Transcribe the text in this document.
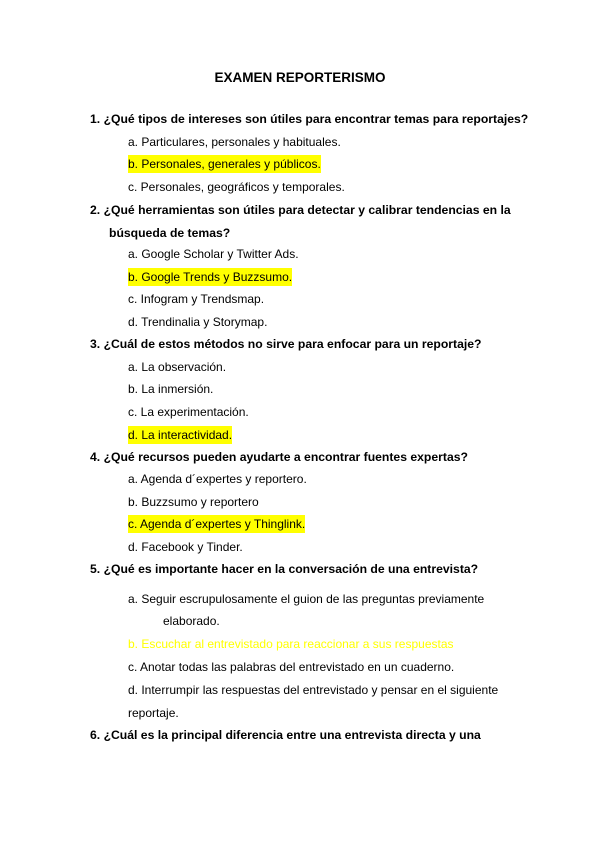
EXAMEN REPORTERISMO
1. ¿Qué tipos de intereses son útiles para encontrar temas para reportajes?
a. Particulares, personales y habituales.
b. Personales, generales y públicos.
c. Personales, geográficos y temporales.
2. ¿Qué herramientas son útiles para detectar y calibrar tendencias en la
búsqueda de temas?
a. Google Scholar y Twitter Ads.
b. Google Trends y Buzzsumo.
c. Infogram y Trendsmap.
d. Trendinalia y Storymap.
3. ¿Cuál de estos métodos no sirve para enfocar para un reportaje?
a. La observación.
b. La inmersión.
c. La experimentación.
d. La interactividad.
4. ¿Qué recursos pueden ayudarte a encontrar fuentes expertas?
a. Agenda d´expertes y reportero.
b. Buzzsumo y reportero
c. Agenda d´expertes y Thinglink.
d. Facebook y Tinder.
5. ¿Qué es importante hacer en la conversación de una entrevista?
a. Seguir escrupulosamente el guion de las preguntas previamente
elaborado.
b. Escuchar al entrevistado para reaccionar a sus respuestas
c. Anotar todas las palabras del entrevistado en un cuaderno.
d. Interrumpir las respuestas del entrevistado y pensar en el siguiente
reportaje.
6. ¿Cuál es la principal diferencia entre una entrevista directa y una
